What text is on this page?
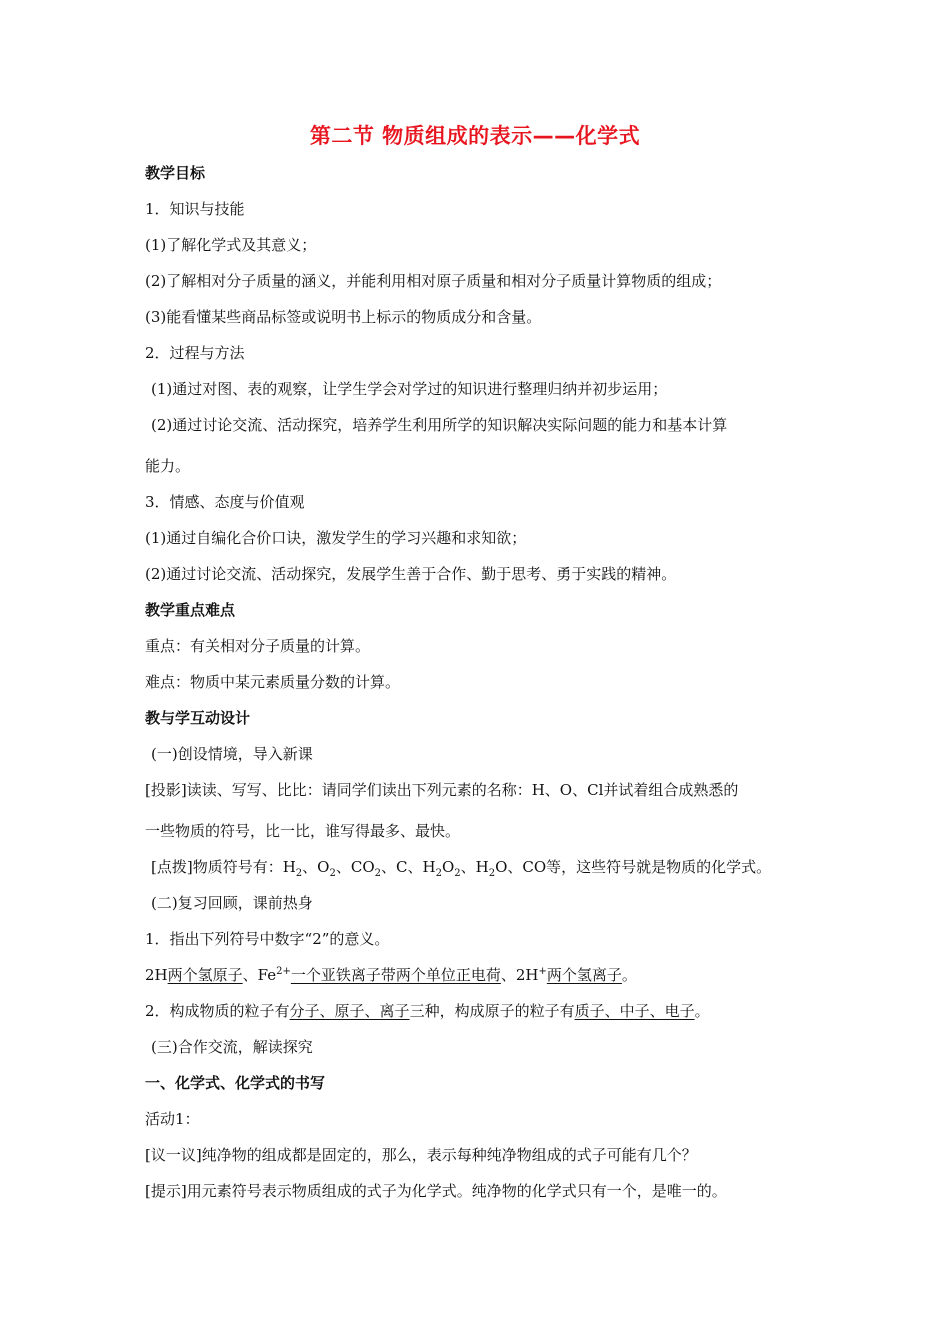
第二节 物质组成的表示——化学式
教学目标
1．知识与技能
(1)了解化学式及其意义；
(2)了解相对分子质量的涵义，并能利用相对原子质量和相对分子质量计算物质的组成；
(3)能看懂某些商品标签或说明书上标示的物质成分和含量。
2．过程与方法
(1)通过对图、表的观察，让学生学会对学过的知识进行整理归纳并初步运用；
(2)通过讨论交流、活动探究，培养学生利用所学的知识解决实际问题的能力和基本计算
能力。
3．情感、态度与价值观
(1)通过自编化合价口诀，激发学生的学习兴趣和求知欲；
(2)通过讨论交流、活动探究，发展学生善于合作、勤于思考、勇于实践的精神。
教学重点难点
重点：有关相对分子质量的计算。
难点：物质中某元素质量分数的计算。
教与学互动设计
(一)创设情境，导入新课
[投影]读读、写写、比比：请同学们读出下列元素的名称：H、O、Cl并试着组合成熟悉的
一些物质的符号，比一比，谁写得最多、最快。
[点拨]物质符号有：$H_2$、$O_2$、$CO_2$、C、$H_2O_2$、$H_2O$、CO等，这些符号就是物质的化学式。
(二)复习回顾，课前热身
1．指出下列符号中数字“2”的意义。
2H两个氢原子、$Fe^{2+}$一个亚铁离子带两个单位正电荷、2H+两个氢离子。
2．构成物质的粒子有分子、原子、离子三种，构成原子的粒子有质子、中子、电子。
(三)合作交流，解读探究
一、化学式、化学式的书写
活动1：
[议一议]纯净物的组成都是固定的，那么，表示每种纯净物组成的式子可能有几个？
[提示]用元素符号表示物质组成的式子为化学式。纯净物的化学式只有一个，是唯一的。
